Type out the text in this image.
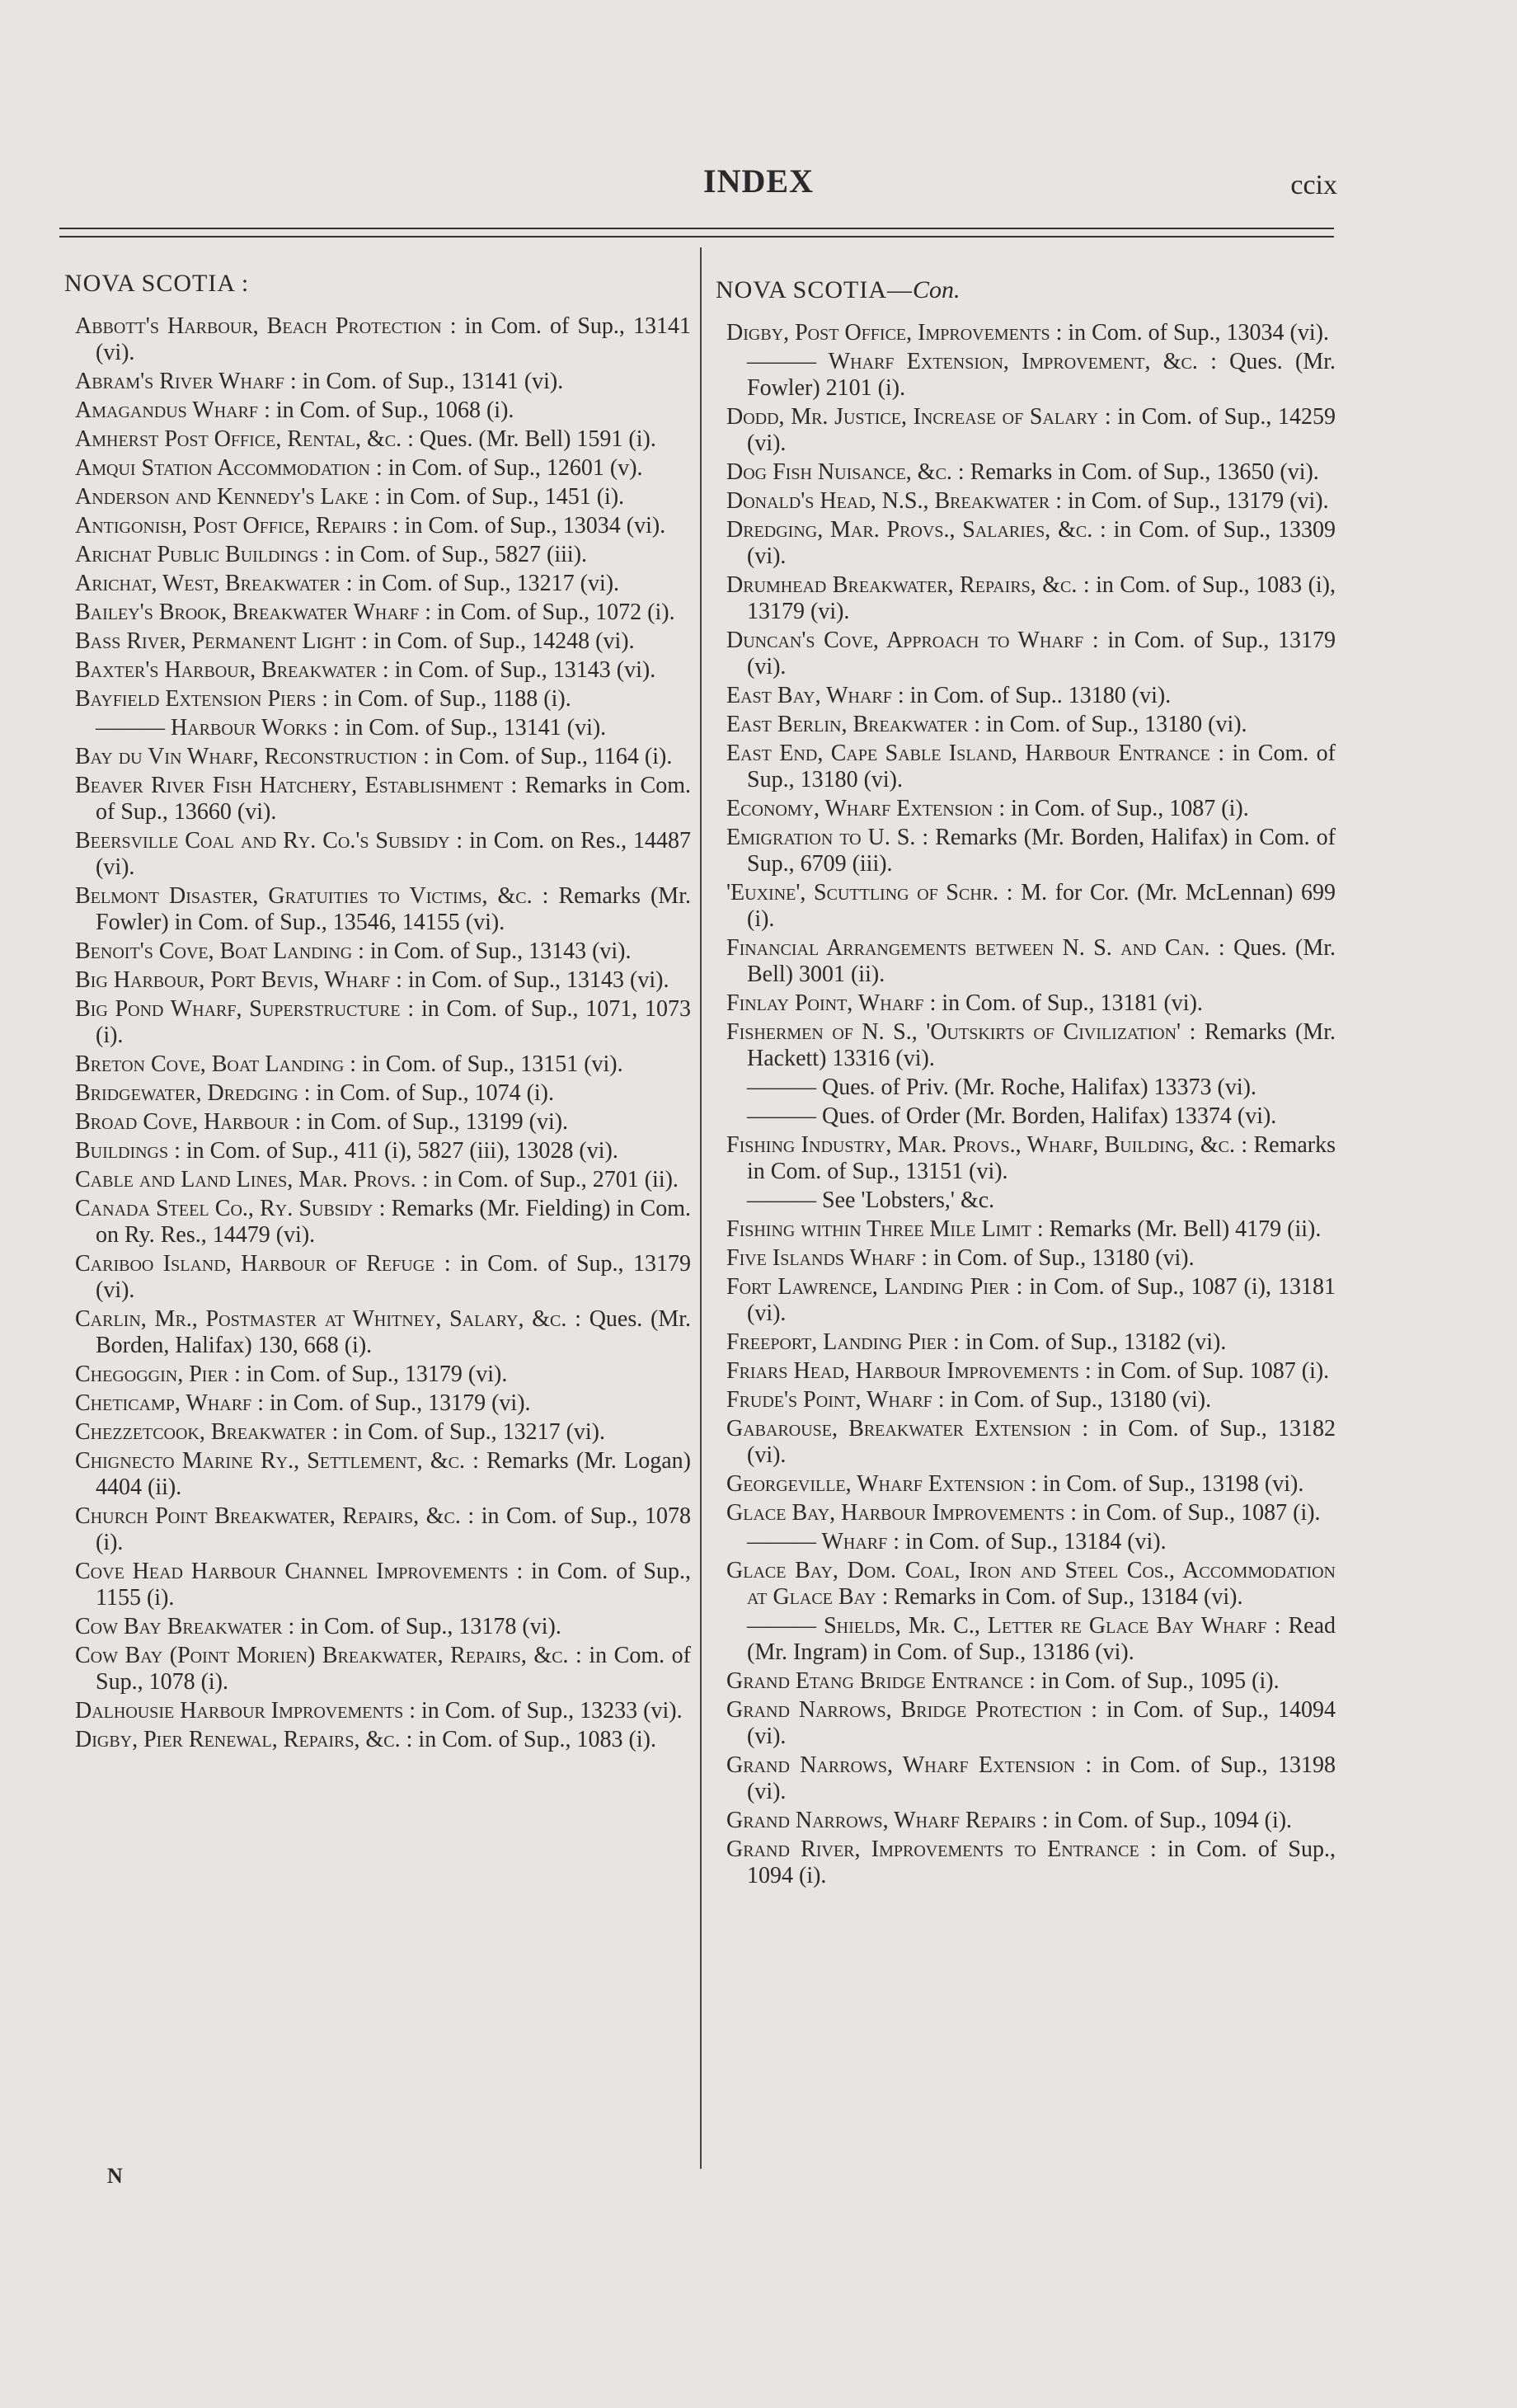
INDEX	ccix
NOVA SCOTIA :

Abbott's Harbour, Beach Protection : in Com. of Sup., 13141 (vi).

Abram's River Wharf : in Com. of Sup., 13141 (vi).

Amagandus Wharf : in Com. of Sup., 1068 (i).

Amherst Post Office, Rental, &c. : Ques. (Mr. Bell) 1591 (i).

Amqui Station Accommodation : in Com. of Sup., 12601 (v).

Anderson and Kennedy's Lake : in Com. of Sup., 1451 (i).

Antigonish, Post Office, Repairs : in Com. of Sup., 13034 (vi).

Arichat Public Buildings : in Com. of Sup., 5827 (iii).

Arichat, West, Breakwater : in Com. of Sup., 13217 (vi).

Bailey's Brook, Breakwater Wharf : in Com. of Sup., 1072 (i).

Bass River, Permanent Light : in Com. of Sup., 14248 (vi).

Baxter's Harbour, Breakwater : in Com. of Sup., 13143 (vi).

Bayfield Extension Piers : in Com. of Sup., 1188 (i).

——— Harbour Works : in Com. of Sup., 13141 (vi).

Bay du Vin Wharf, Reconstruction : in Com. of Sup., 1164 (i).

Beaver River Fish Hatchery, Establishment : Remarks in Com. of Sup., 13660 (vi).

Beersville Coal and Ry. Co.'s Subsidy : in Com. on Res., 14487 (vi).

Belmont Disaster, Gratuities to Victims, &c. : Remarks (Mr. Fowler) in Com. of Sup., 13546, 14155 (vi).

Benoit's Cove, Boat Landing : in Com. of Sup., 13143 (vi).

Big Harbour, Port Bevis, Wharf : in Com. of Sup., 13143 (vi).

Big Pond Wharf, Superstructure : in Com. of Sup., 1071, 1073 (i).

Breton Cove, Boat Landing : in Com. of Sup., 13151 (vi).

Bridgewater, Dredging : in Com. of Sup., 1074 (i).

Broad Cove, Harbour : in Com. of Sup., 13199 (vi).

Buildings : in Com. of Sup., 411 (i), 5827 (iii), 13028 (vi).

Cable and Land Lines, Mar. Provs. : in Com. of Sup., 2701 (ii).

Canada Steel Co., Ry. Subsidy : Remarks (Mr. Fielding) in Com. on Ry. Res., 14479 (vi).

Cariboo Island, Harbour of Refuge : in Com. of Sup., 13179 (vi).

Carlin, Mr., Postmaster at Whitney, Salary, &c. : Ques. (Mr. Borden, Halifax) 130, 668 (i).

Chegoggin, Pier : in Com. of Sup., 13179 (vi).

Cheticamp, Wharf : in Com. of Sup., 13179 (vi).

Chezzetcook, Breakwater : in Com. of Sup., 13217 (vi).

Chignecto Marine Ry., Settlement, &c. : Remarks (Mr. Logan) 4404 (ii).

Church Point Breakwater, Repairs, &c. : in Com. of Sup., 1078 (i).

Cove Head Harbour Channel Improvements : in Com. of Sup., 1155 (i).

Cow Bay Breakwater : in Com. of Sup., 13178 (vi).

Cow Bay (Point Morien) Breakwater, Repairs, &c. : in Com. of Sup., 1078 (i).

Dalhousie Harbour Improvements : in Com. of Sup., 13233 (vi).

Digby, Pier Renewal, Repairs, &c. : in Com. of Sup., 1083 (i).

NOVA SCOTIA—Con.

Digby, Post Office, Improvements : in Com. of Sup., 13034 (vi).

——— Wharf Extension, Improvement, &c. : Ques. (Mr. Fowler) 2101 (i).

Dodd, Mr. Justice, Increase of Salary : in Com. of Sup., 14259 (vi).

Dog Fish Nuisance, &c. : Remarks in Com. of Sup., 13650 (vi).

Donald's Head, N.S., Breakwater : in Com. of Sup., 13179 (vi).

Dredging, Mar. Provs., Salaries, &c. : in Com. of Sup., 13309 (vi).

Drumhead Breakwater, Repairs, &c. : in Com. of Sup., 1083 (i), 13179 (vi).

Duncan's Cove, Approach to Wharf : in Com. of Sup., 13179 (vi).

East Bay, Wharf : in Com. of Sup.. 13180 (vi).

East Berlin, Breakwater : in Com. of Sup., 13180 (vi).

East End, Cape Sable Island, Harbour Entrance : in Com. of Sup., 13180 (vi).

Economy, Wharf Extension : in Com. of Sup., 1087 (i).

Emigration to U. S. : Remarks (Mr. Borden, Halifax) in Com. of Sup., 6709 (iii).

'Euxine', Scuttling of Schr. : M. for Cor. (Mr. McLennan) 699 (i).

Financial Arrangements between N. S. and Can. : Ques. (Mr. Bell) 3001 (ii).

Finlay Point, Wharf : in Com. of Sup., 13181 (vi).

Fishermen of N. S., 'Outskirts of Civilization' : Remarks (Mr. Hackett) 13316 (vi).

——— Ques. of Priv. (Mr. Roche, Halifax) 13373 (vi).

——— Ques. of Order (Mr. Borden, Halifax) 13374 (vi).

Fishing Industry, Mar. Provs., Wharf, Building, &c. : Remarks in Com. of Sup., 13151 (vi).

——— See 'Lobsters,' &c.

Fishing within Three Mile Limit : Remarks (Mr. Bell) 4179 (ii).

Five Islands Wharf : in Com. of Sup., 13180 (vi).

Fort Lawrence, Landing Pier : in Com. of Sup., 1087 (i), 13181 (vi).

Freeport, Landing Pier : in Com. of Sup., 13182 (vi).

Friars Head, Harbour Improvements : in Com. of Sup. 1087 (i).

Frude's Point, Wharf : in Com. of Sup., 13180 (vi).

Gabarouse, Breakwater Extension : in Com. of Sup., 13182 (vi).

Georgeville, Wharf Extension : in Com. of Sup., 13198 (vi).

Glace Bay, Harbour Improvements : in Com. of Sup., 1087 (i).

——— Wharf : in Com. of Sup., 13184 (vi).

Glace Bay, Dom. Coal, Iron and Steel Cos., Accommodation at Glace Bay : Remarks in Com. of Sup., 13184 (vi).

——— Shields, Mr. C., Letter re Glace Bay Wharf : Read (Mr. Ingram) in Com. of Sup., 13186 (vi).

Grand Etang Bridge Entrance : in Com. of Sup., 1095 (i).

Grand Narrows, Bridge Protection : in Com. of Sup., 14094 (vi).

Grand Narrows, Wharf Extension : in Com. of Sup., 13198 (vi).

Grand Narrows, Wharf Repairs : in Com. of Sup., 1094 (i).

Grand River, Improvements to Entrance : in Com. of Sup., 1094 (i).

N
